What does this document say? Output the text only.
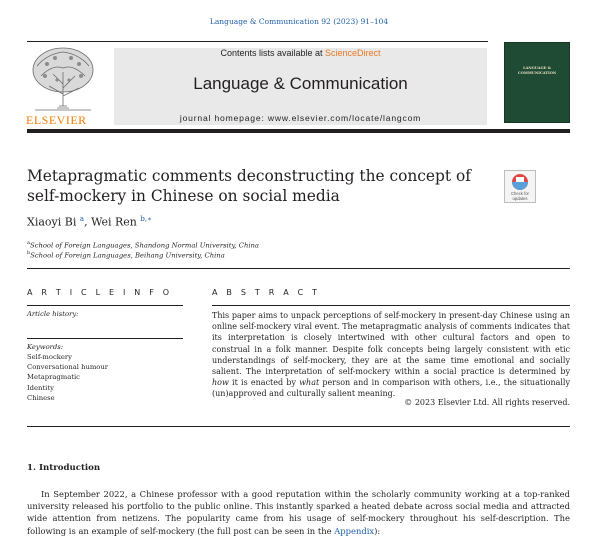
Language & Communication 92 (2023) 91–104
ELSEVIER
Contents lists available at ScienceDirect
Language & Communication
journal homepage: www.elsevier.com/locate/langcom
LANGUAGE & COMMUNICATION
Metapragmatic comments deconstructing the concept of self-mockery in Chinese on social media	Check for
updates
Xiaoyi Bi $^a$, Wei Ren $^{b,∗}$
$^a$School of Foreign Languages, Shandong Normal University, China
$^b$School of Foreign Languages, Beihang University, China
A R T I C L E I N F O	A B S T R A C T
Article history:
Keywords:
Self-mockery
Conversational humour
Metapragmatic
Identity
Chinese
This paper aims to unpack perceptions of self-mockery in present-day Chinese using an online self-mockery viral event. The metapragmatic analysis of comments indicates that its interpretation is closely intertwined with other cultural factors and open to construal in a folk manner. Despite folk concepts being largely consistent with etic understandings of self-mockery, they are at the same time emotional and socially salient. The interpretation of self-mockery within a social practice is determined by how it is enacted by what person and in comparison with others, i.e., the situationally (un)approved and culturally salient meaning.
© 2023 Elsevier Ltd. All rights reserved.
1. Introduction
In September 2022, a Chinese professor with a good reputation within the scholarly community working at a top-ranked university released his portfolio to the public online. This instantly sparked a heated debate across social media and attracted wide attention from netizens. The popularity came from his usage of self-mockery throughout his self-description. The following is an example of self-mockery (the full post can be seen in the Appendix):
